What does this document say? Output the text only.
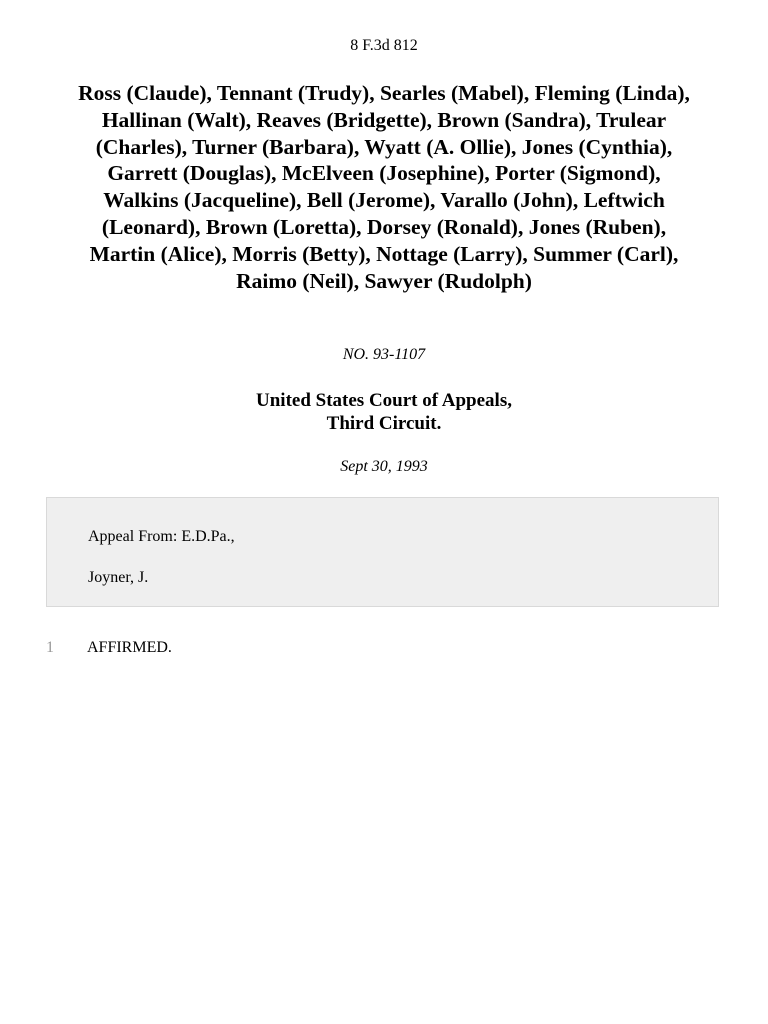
8 F.3d 812
Ross (Claude), Tennant (Trudy), Searles (Mabel), Fleming (Linda), Hallinan (Walt), Reaves (Bridgette), Brown (Sandra), Trulear (Charles), Turner (Barbara), Wyatt (A. Ollie), Jones (Cynthia), Garrett (Douglas), McElveen (Josephine), Porter (Sigmond), Walkins (Jacqueline), Bell (Jerome), Varallo (John), Leftwich (Leonard), Brown (Loretta), Dorsey (Ronald), Jones (Ruben), Martin (Alice), Morris (Betty), Nottage (Larry), Summer (Carl), Raimo (Neil), Sawyer (Rudolph)
NO. 93-1107
United States Court of Appeals,
Third Circuit.
Sept 30, 1993
Appeal From: E.D.Pa.,
Joyner, J.
1 AFFIRMED.
